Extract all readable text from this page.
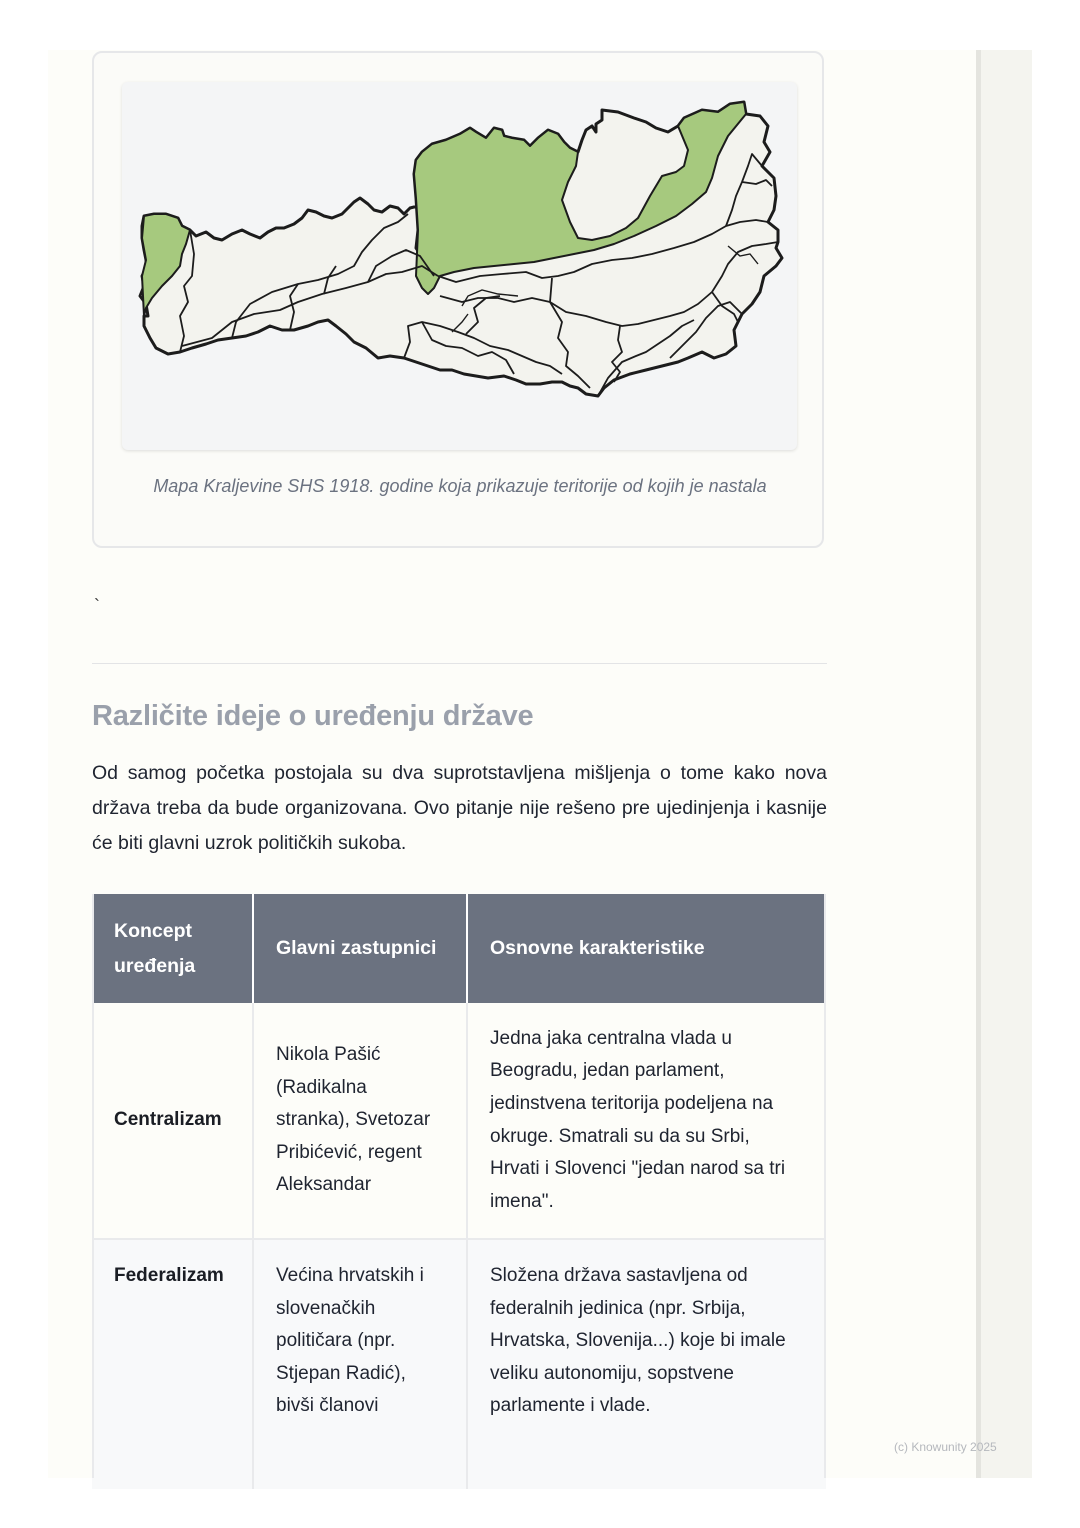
Mapa Kraljevine SHS 1918. godine koja prikazuje teritorije od kojih je nastala
`
Različite ideje o uređenju države

Od samog početka postojala su dva suprotstavljena mišljenja o tome kako nova država treba da bude organizovana. Ovo pitanje nije rešeno pre ujedinjenja i kasnije će biti glavni uzrok političkih sukoba.

Koncept uređenja	Glavni zastupnici	Osnovne karakteristike
Centralizam	Nikola Pašić (Radikalna stranka), Svetozar Pribićević, regent Aleksandar	Jedna jaka centralna vlada u Beogradu, jedan parlament, jedinstvena teritorija podeljena na okruge. Smatrali su da su Srbi, Hrvati i Slovenci "jedan narod sa tri imena".
Federalizam	Većina hrvatskih i slovenačkih političara (npr. Stjepan Radić), bivši članovi	Složena država sastavljena od federalnih jedinica (npr. Srbija, Hrvatska, Slovenija...) koje bi imale veliku autonomiju, sopstvene parlamente i vlade.
(c) Knowunity 2025
